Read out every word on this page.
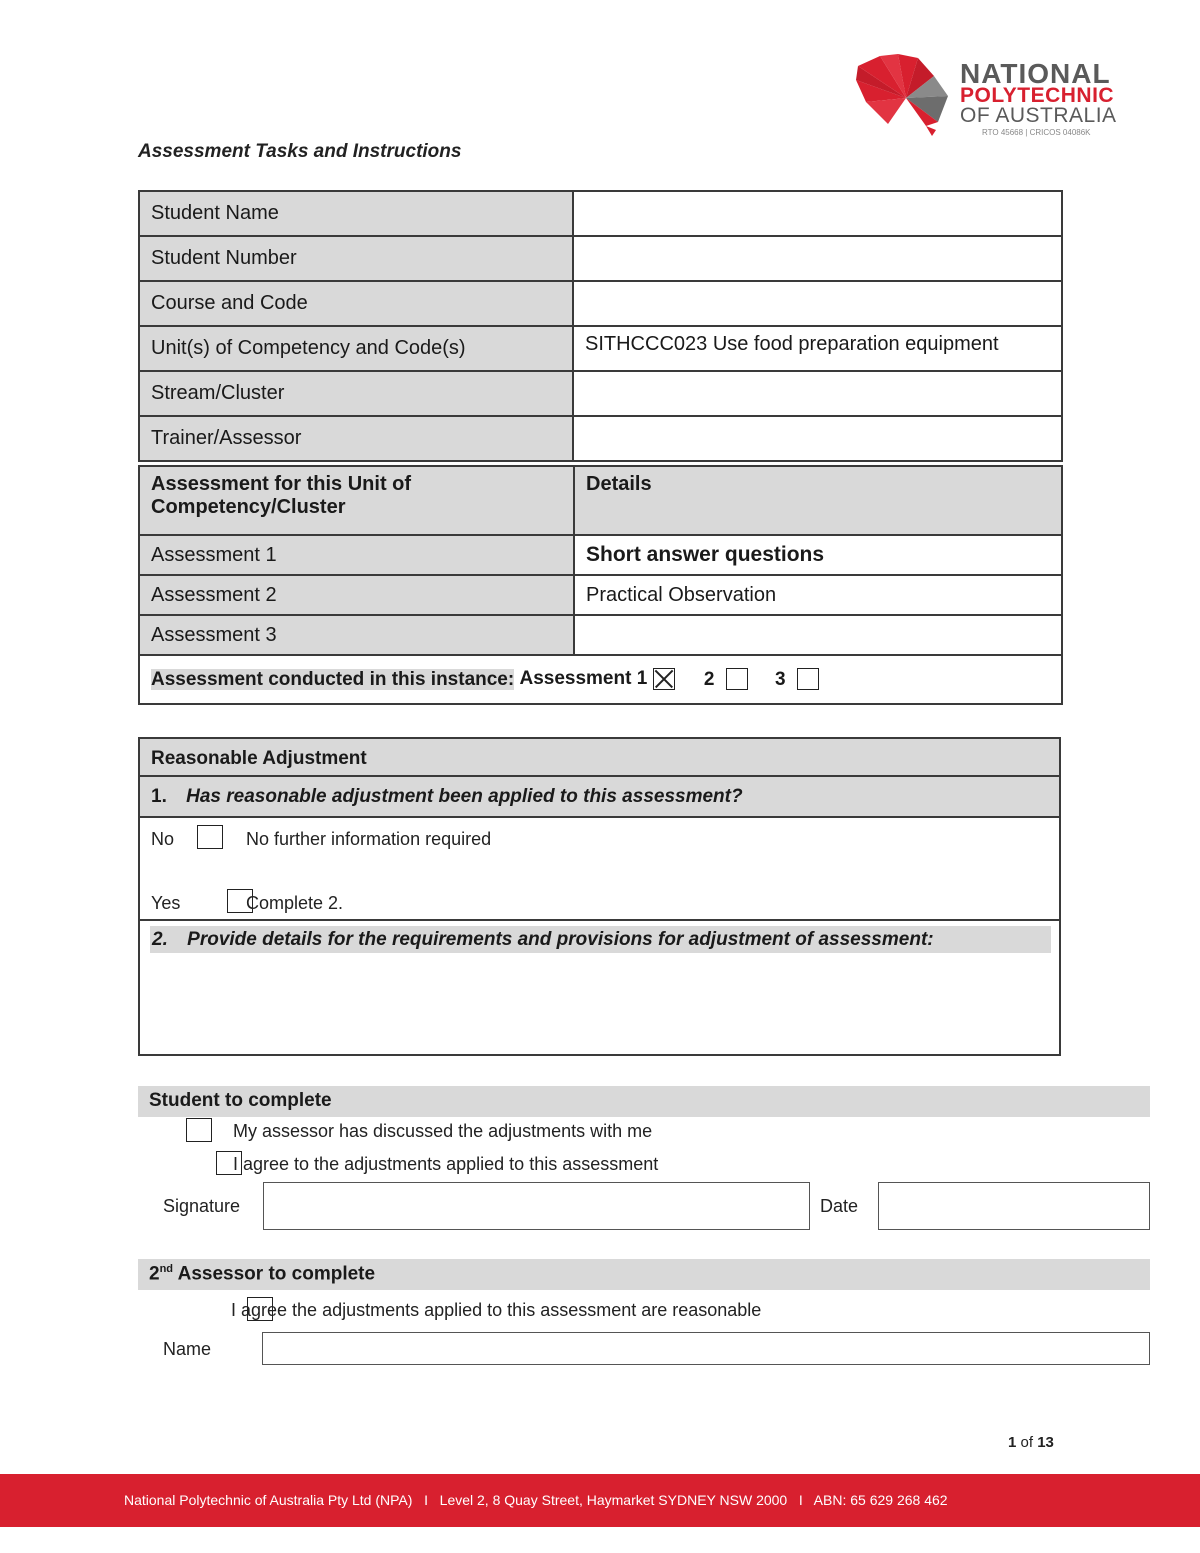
NATIONAL
POLYTECHNIC
OF AUSTRALIA
RTO 45668 | CRICOS 04086K
Assessment Tasks and Instructions
Student Name	
Student Number	
Course and Code	
Unit(s) of Competency and Code(s)	SITHCCC023 Use food preparation equipment
Stream/Cluster	
Trainer/Assessor	
Assessment for this Unit of Competency/Cluster	Details
Assessment 1	Short answer questions
Assessment 2	Practical Observation
Assessment 3	
Assessment conducted in this instance: Assessment 1 2 3	
Reasonable Adjustment
1. Has reasonable adjustment been applied to this assessment?
No
	No further information required
Yes	Complete 2.
2. Provide details for the requirements and provisions for adjustment of assessment:
Student to complete

My assessor has discussed the adjustments with me

I agree to the adjustments applied to this assessment
Signature	Date
2nd Assessor to complete
I agree the adjustments applied to this assessment are reasonable
Name
1 of 13
National Polytechnic of Australia Pty Ltd (NPA)   I   Level 2, 8 Quay Street, Haymarket SYDNEY NSW 2000   I   ABN: 65 629 268 462
